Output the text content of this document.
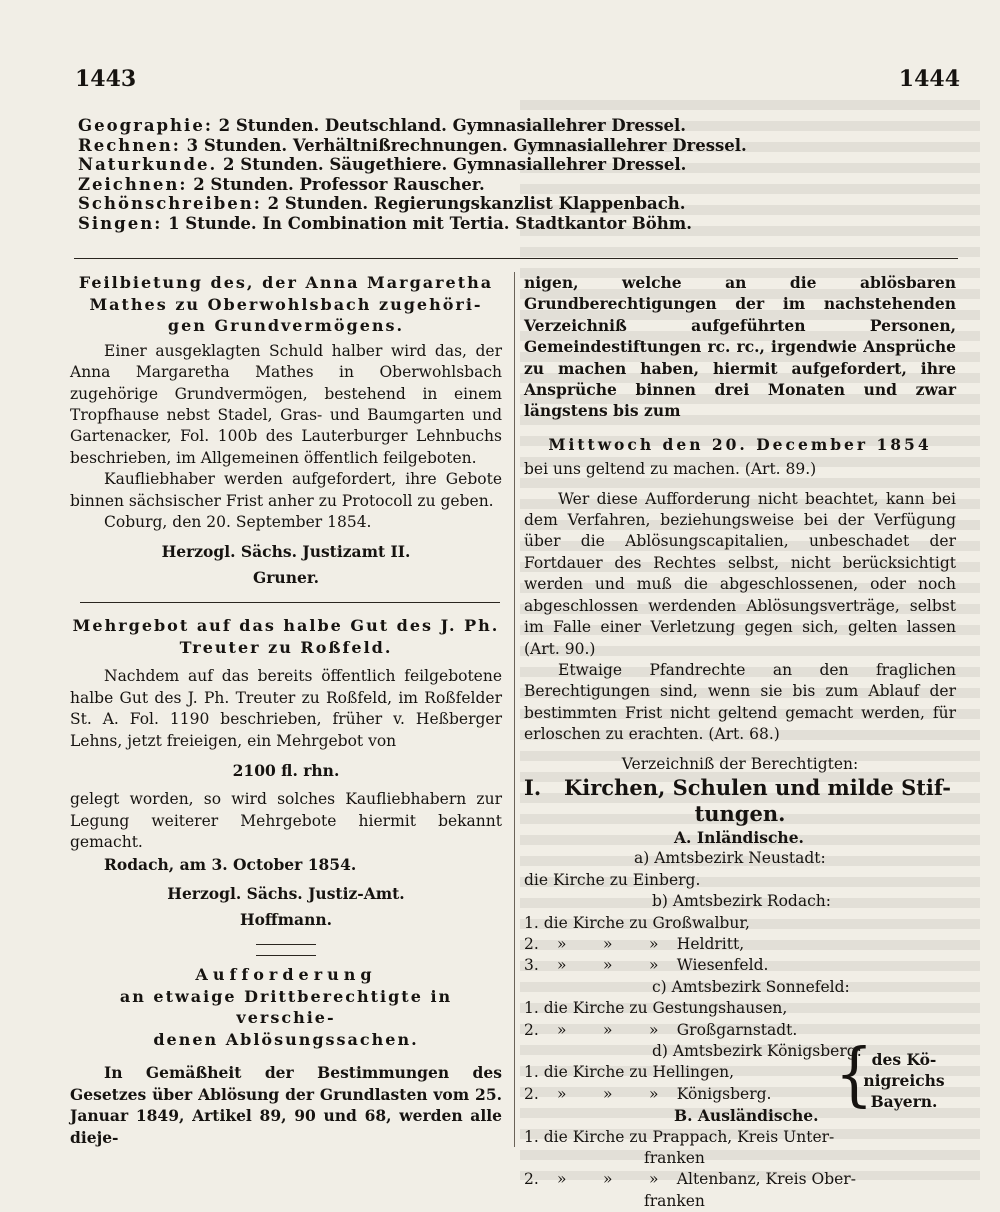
1443	1444
Geographie: 2 Stunden. Deutschland. Gymnasiallehrer Dressel.
Rechnen: 3 Stunden. Verhältnißrechnungen. Gymnasiallehrer Dressel.
Naturkunde. 2 Stunden. Säugethiere. Gymnasiallehrer Dressel.
Zeichnen: 2 Stunden. Professor Rauscher.
Schönschreiben: 2 Stunden. Regierungskanzlist Klappenbach.
Singen: 1 Stunde. In Combination mit Tertia. Stadtkantor Böhm.

Feilbietung des, der Anna Margaretha

Mathes zu Oberwohlsbach zugehöri-

gen Grundvermögens.

Einer ausgeklagten Schuld halber wird das, der Anna Margaretha Mathes in Oberwohlsbach zugehörige Grundvermögen, bestehend in einem Tropfhause nebst Stadel, Gras- und Baumgarten und Gartenacker, Fol. 100b des Lauterburger Lehnbuchs beschrieben, im Allgemeinen öffentlich feilgeboten.

Kaufliebhaber werden aufgefordert, ihre Gebote binnen sächsischer Frist anher zu Protocoll zu geben.

Coburg, den 20. September 1854.

Herzogl. Sächs. Justizamt II.

Gruner.

Mehrgebot auf das halbe Gut des J. Ph.

Treuter zu Roßfeld.

Nachdem auf das bereits öffentlich feilgebotene halbe Gut des J. Ph. Treuter zu Roßfeld, im Roßfelder St. A. Fol. 1190 beschrieben, früher v. Heßberger Lehns, jetzt freieigen, ein Mehrgebot von

2100 fl. rhn.

gelegt worden, so wird solches Kaufliebhabern zur Legung weiterer Mehrgebote hiermit bekannt gemacht.

Rodach, am 3. October 1854.

Herzogl. Sächs. Justiz-Amt.

Hoffmann.

Aufforderung

an etwaige Drittberechtigte in verschie-

denen Ablösungssachen.

In Gemäßheit der Bestimmungen des Gesetzes über Ablösung der Grundlasten vom 25. Januar 1849, Artikel 89, 90 und 68, werden alle dieje-

nigen, welche an die ablösbaren Grundberechtigungen der im nachstehenden Verzeichniß aufgeführten Personen, Gemeindestiftungen rc. rc., irgendwie Ansprüche zu machen haben, hiermit aufgefordert, ihre Ansprüche binnen drei Monaten und zwar längstens bis zum

Mittwoch den 20. December 1854

bei uns geltend zu machen. (Art. 89.)

Wer diese Aufforderung nicht beachtet, kann bei dem Verfahren, beziehungsweise bei der Verfügung über die Ablösungscapitalien, unbeschadet der Fortdauer des Rechtes selbst, nicht berücksichtigt werden und muß die abgeschlossenen, oder noch abgeschlossen werdenden Ablösungsverträge, selbst im Falle einer Verletzung gegen sich, gelten lassen (Art. 90.)

Etwaige Pfandrechte an den fraglichen Berechtigungen sind, wenn sie bis zum Ablauf der bestimmten Frist nicht geltend gemacht werden, für erloschen zu erachten. (Art. 68.)

Verzeichniß der Berechtigten:

I. Kirchen, Schulen und milde Stif-

tungen.

A. Inländische.

a) Amtsbezirk Neustadt:

die Kirche zu Einberg.

b) Amtsbezirk Rodach:

1. die Kirche zu Großwalbur,

2. » » » Heldritt,

3. » » » Wiesenfeld.

c) Amtsbezirk Sonnefeld:

1. die Kirche zu Gestungshausen,

2. » » » Großgarnstadt.

d) Amtsbezirk Königsberg:

1. die Kirche zu Hellingen,

2. » » » Königsberg.

B. Ausländische.

1. die Kirche zu Prappach, Kreis Unter-

franken

2. » » » Altenbanz, Kreis Ober-

franken

{
des Kö-
nigreichs
Bayern.
